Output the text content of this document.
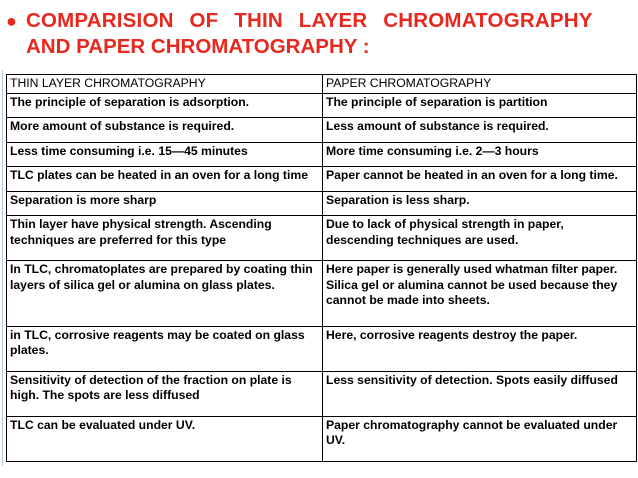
● COMPARISION OF THIN LAYER CHROMATOGRAPHY
AND PAPER CHROMATOGRAPHY :
THIN LAYER CHROMATOGRAPHY	PAPER CHROMATOGRAPHY
The principle of separation is adsorption.	The principle of separation is partition
More amount of substance is required.	Less amount of substance is required.
Less time consuming i.e. 15—45 minutes	More time consuming i.e. 2—3 hours
TLC plates can be heated in an oven for a long time	Paper cannot be heated in an oven for a long time.
Separation is more sharp	Separation is less sharp.
Thin layer have physical strength. Ascending techniques are preferred for this type	Due to lack of physical strength in paper, descending techniques are used.
In TLC, chromatoplates are prepared by coating thin layers of silica gel or alumina on glass plates.	Here paper is generally used whatman filter paper. Silica gel or alumina cannot be used because they cannot be made into sheets.
in TLC, corrosive reagents may be coated on glass plates.	Here, corrosive reagents destroy the paper.
Sensitivity of detection of the fraction on plate is high. The spots are less diffused	Less sensitivity of detection. Spots easily diffused
TLC can be evaluated under UV.	Paper chromatography cannot be evaluated under UV.
